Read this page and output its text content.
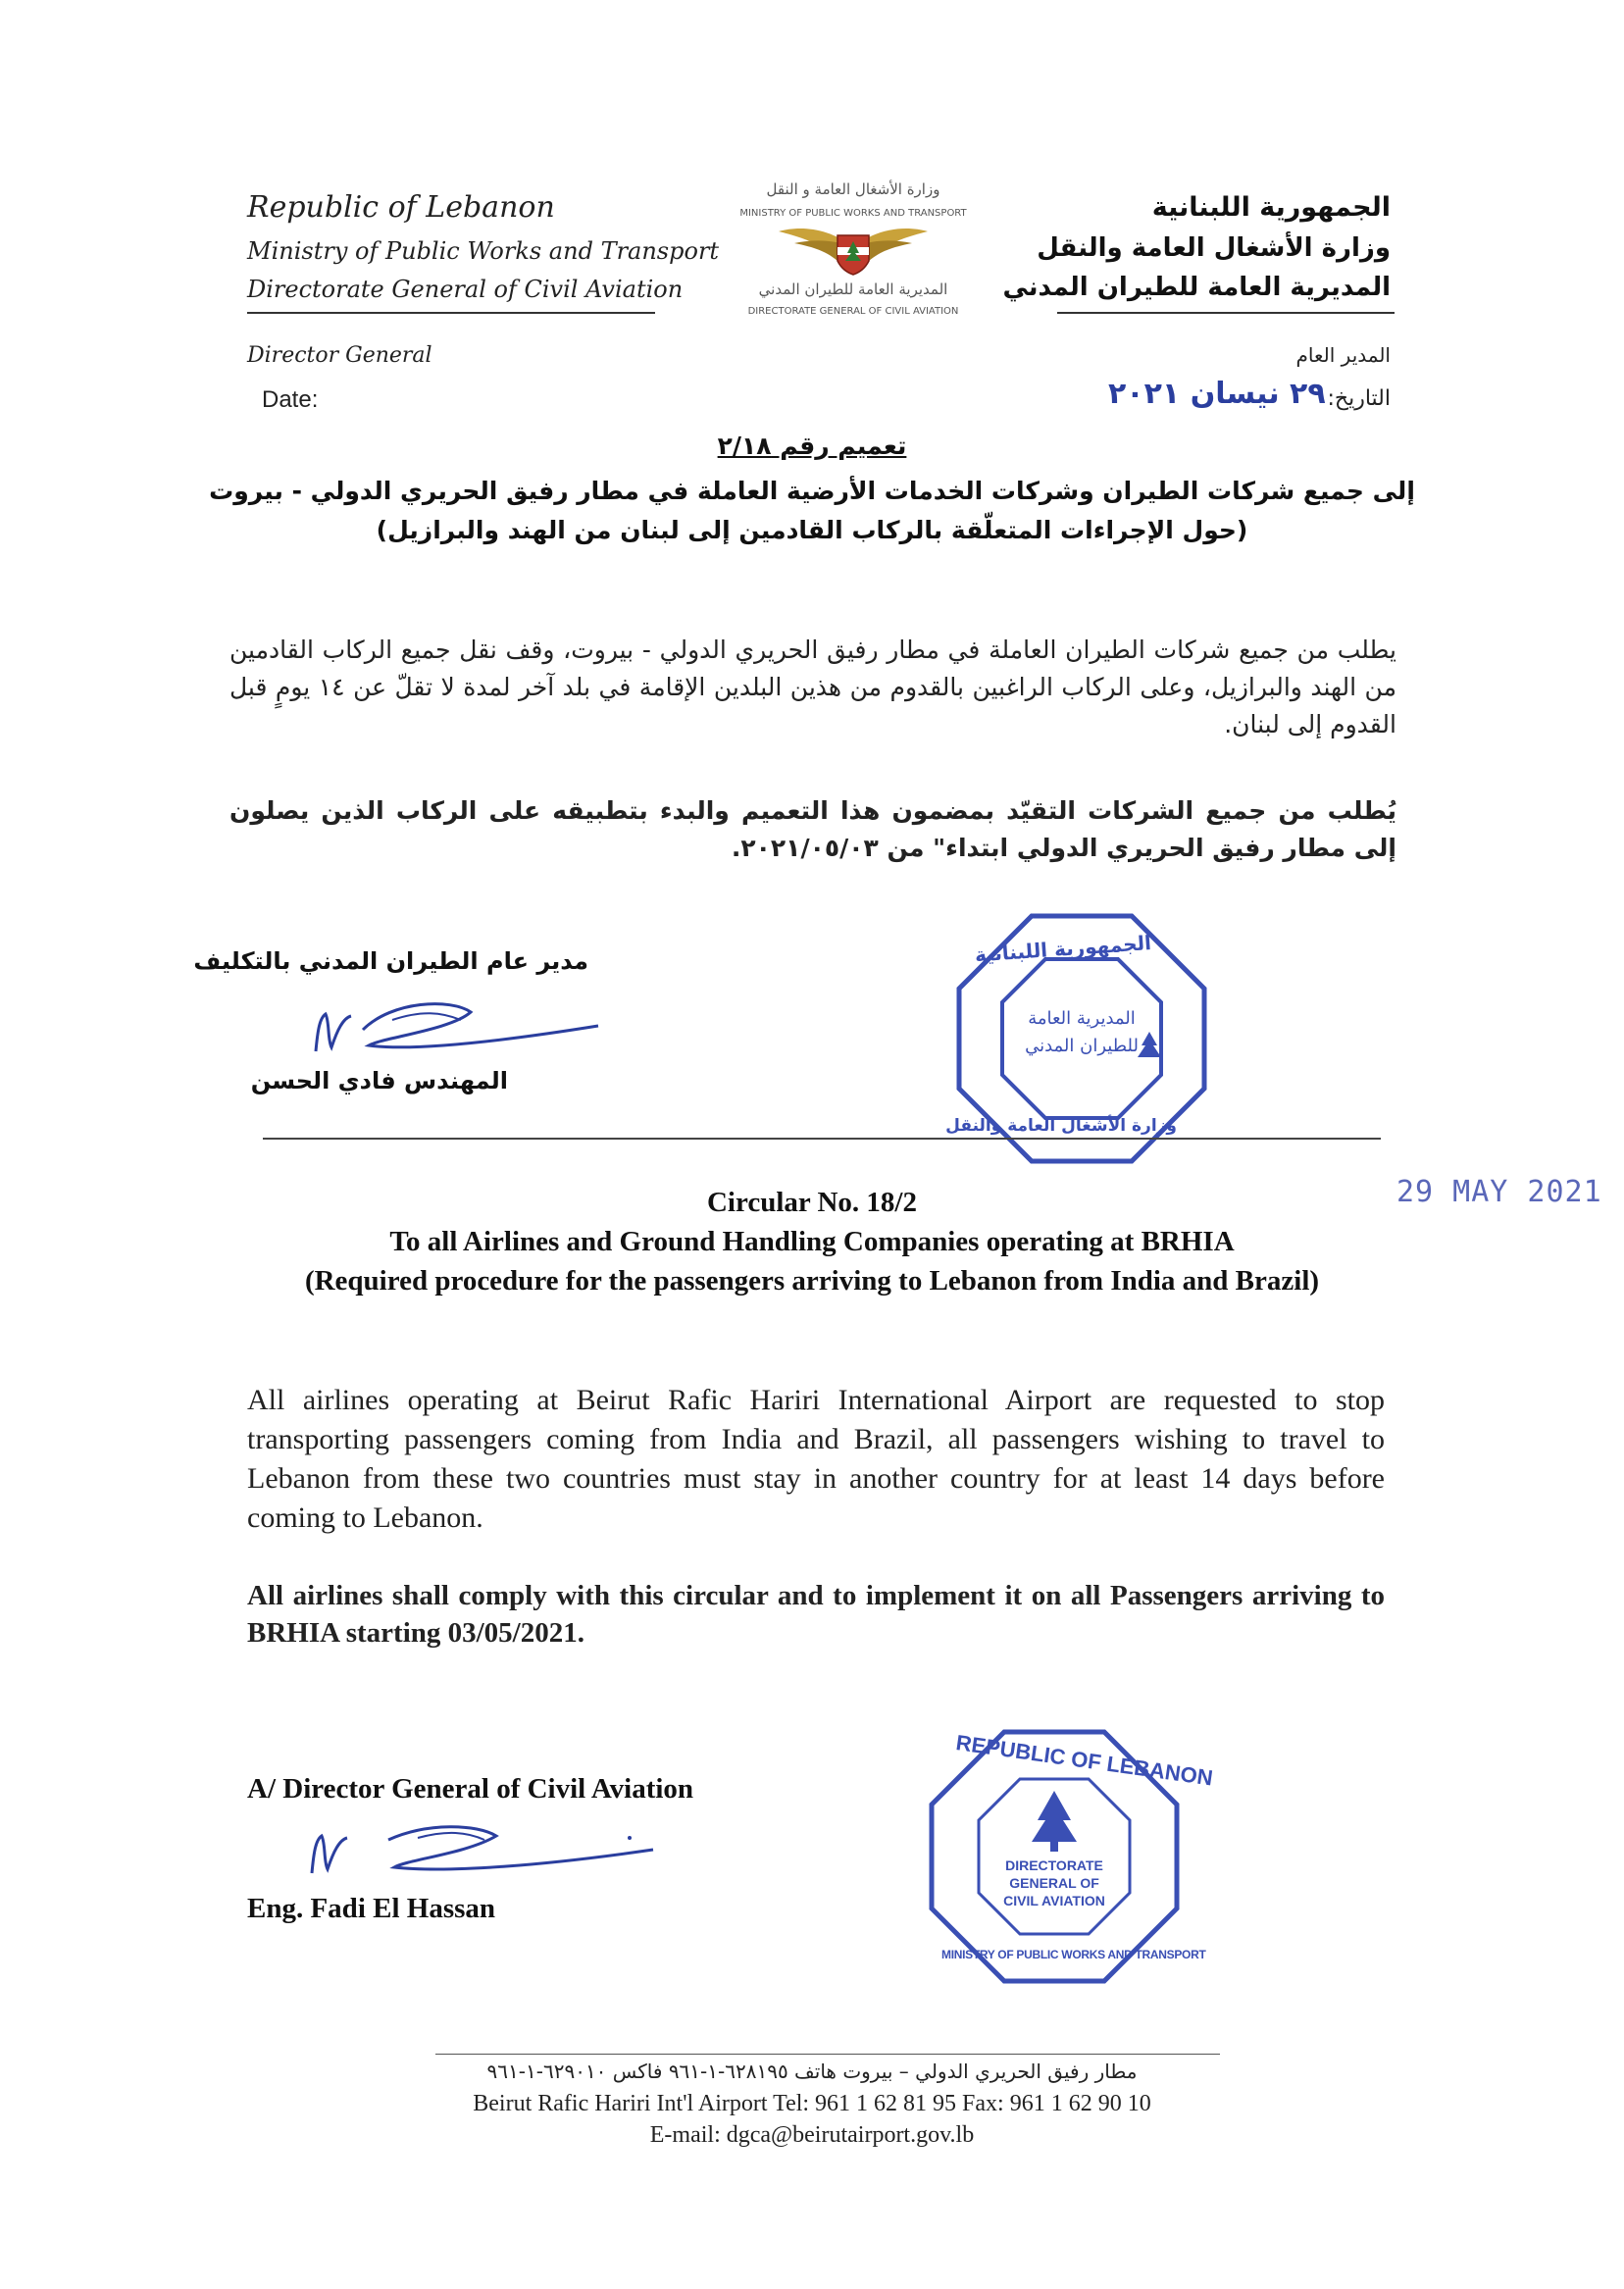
Republic of Lebanon
Ministry of Public Works and Transport
Directorate General of Civil Aviation
الجمهورية اللبنانية
وزارة الأشغال العامة والنقل
المديرية العامة للطيران المدني
وزارة الأشغال العامة و النقل
MINISTRY OF PUBLIC WORKS AND TRANSPORT
المديرية العامة للطيران المدني
DIRECTORATE GENERAL OF CIVIL AVIATION
Director General	المدير العام
Date:	التاريخ:
٢٩ نيسان ٢٠٢١
تعميم رقم ٢/١٨
إلى جميع شركات الطيران وشركات الخدمات الأرضية العاملة في مطار رفيق الحريري الدولي - بيروت
(حول الإجراءات المتعلّقة بالركاب القادمين إلى لبنان من الهند والبرازيل)
يطلب من جميع شركات الطيران العاملة في مطار رفيق الحريري الدولي - بيروت، وقف نقل جميع الركاب القادمين من الهند والبرازيل، وعلى الركاب الراغبين بالقدوم من هذين البلدين الإقامة في بلد آخر لمدة لا تقلّ عن ١٤ يومٍ قبل القدوم إلى لبنان.
يُطلب من جميع الشركات التقيّد بمضمون هذا التعميم والبدء بتطبيقه على الركاب الذين يصلون إلى مطار رفيق الحريري الدولي ابتداء" من ٢٠٢١/٠٥/٠٣.
مدير عام الطيران المدني بالتكليف
المهندس فادي الحسن
الجمهورية اللبنانية
المديرية العامة
للطيران المدني
وزارة الأشغال العامة والنقل
29 MAY 2021
Circular No. 18/2
To all Airlines and Ground Handling Companies operating at BRHIA
(Required procedure for the passengers arriving to Lebanon from India and Brazil)
All airlines operating at Beirut Rafic Hariri International Airport are requested to stop transporting passengers coming from India and Brazil, all passengers wishing to travel to Lebanon from these two countries must stay in another country for at least 14 days before coming to Lebanon.
All airlines shall comply with this circular and to implement it on all Passengers arriving to BRHIA starting 03/05/2021.
A/ Director General of Civil Aviation
Eng. Fadi El Hassan
REPUBLIC OF LEBANON
DIRECTORATE
GENERAL OF
CIVIL AVIATION
MINISTRY OF PUBLIC WORKS AND TRANSPORT
مطار رفيق الحريري الدولي – بيروت هاتف ٦٢٨١٩٥-١-٩٦١ فاكس ٦٢٩٠١٠-١-٩٦١
Beirut Rafic Hariri Int'l Airport Tel: 961 1 62 81 95 Fax: 961 1 62 90 10
E-mail: dgca@beirutairport.gov.lb
